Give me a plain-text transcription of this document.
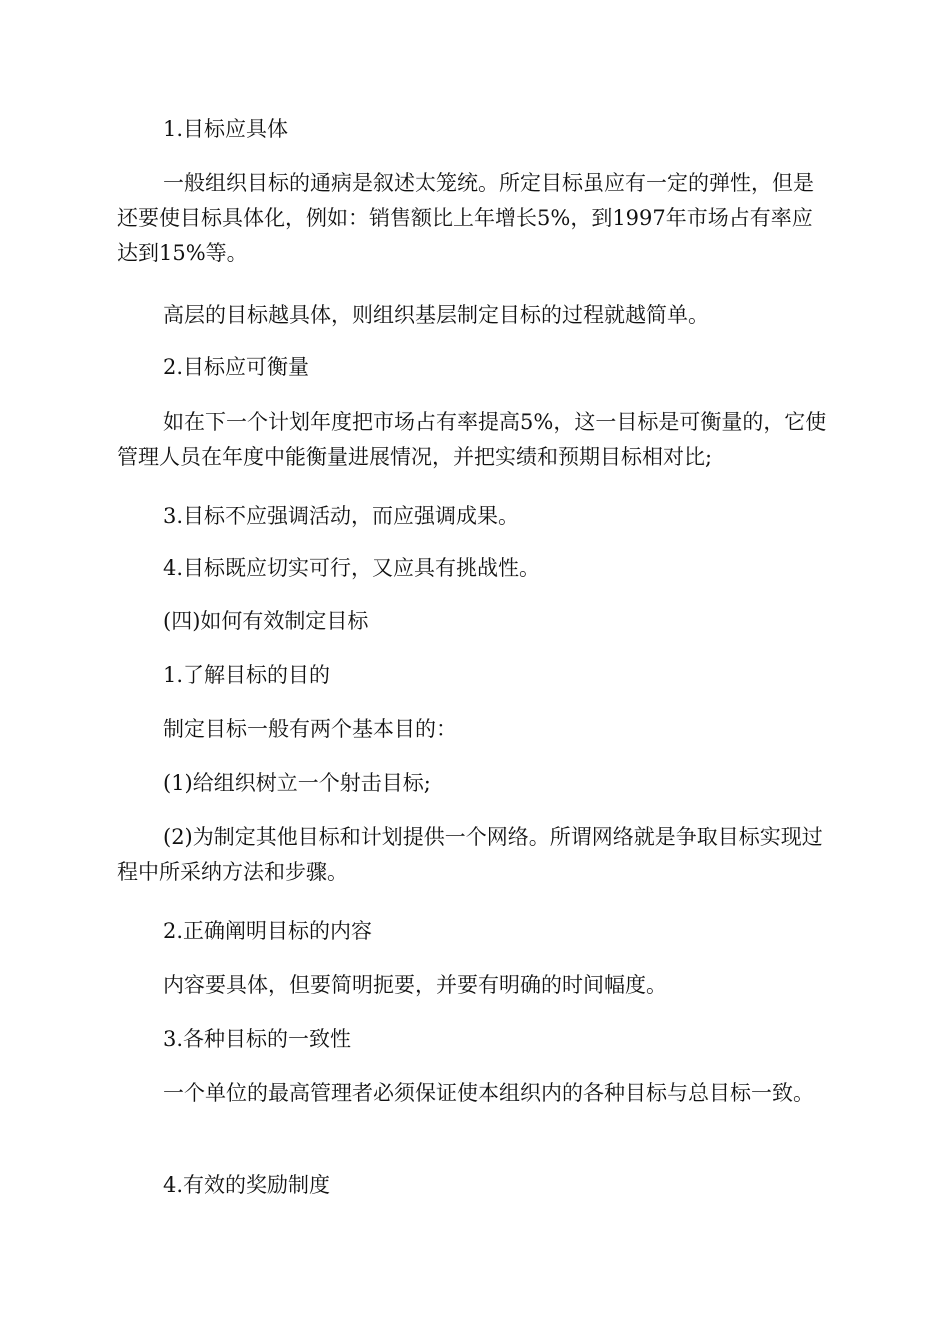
1.目标应具体

一般组织目标的通病是叙述太笼统。所定目标虽应有一定的弹性，但是还要使目标具体化，例如：销售额比上年增长5%，到1997年市场占有率应达到15%等。

高层的目标越具体，则组织基层制定目标的过程就越简单。

2.目标应可衡量

如在下一个计划年度把市场占有率提高5%，这一目标是可衡量的，它使管理人员在年度中能衡量进展情况，并把实绩和预期目标相对比;

3.目标不应强调活动，而应强调成果。

4.目标既应切实可行，又应具有挑战性。

(四)如何有效制定目标

1.了解目标的目的

制定目标一般有两个基本目的：

(1)给组织树立一个射击目标;

(2)为制定其他目标和计划提供一个网络。所谓网络就是争取目标实现过程中所采纳方法和步骤。

2.正确阐明目标的内容

内容要具体，但要简明扼要，并要有明确的时间幅度。

3.各种目标的一致性

一个单位的最高管理者必须保证使本组织内的各种目标与总目标一致。

4.有效的奖励制度
